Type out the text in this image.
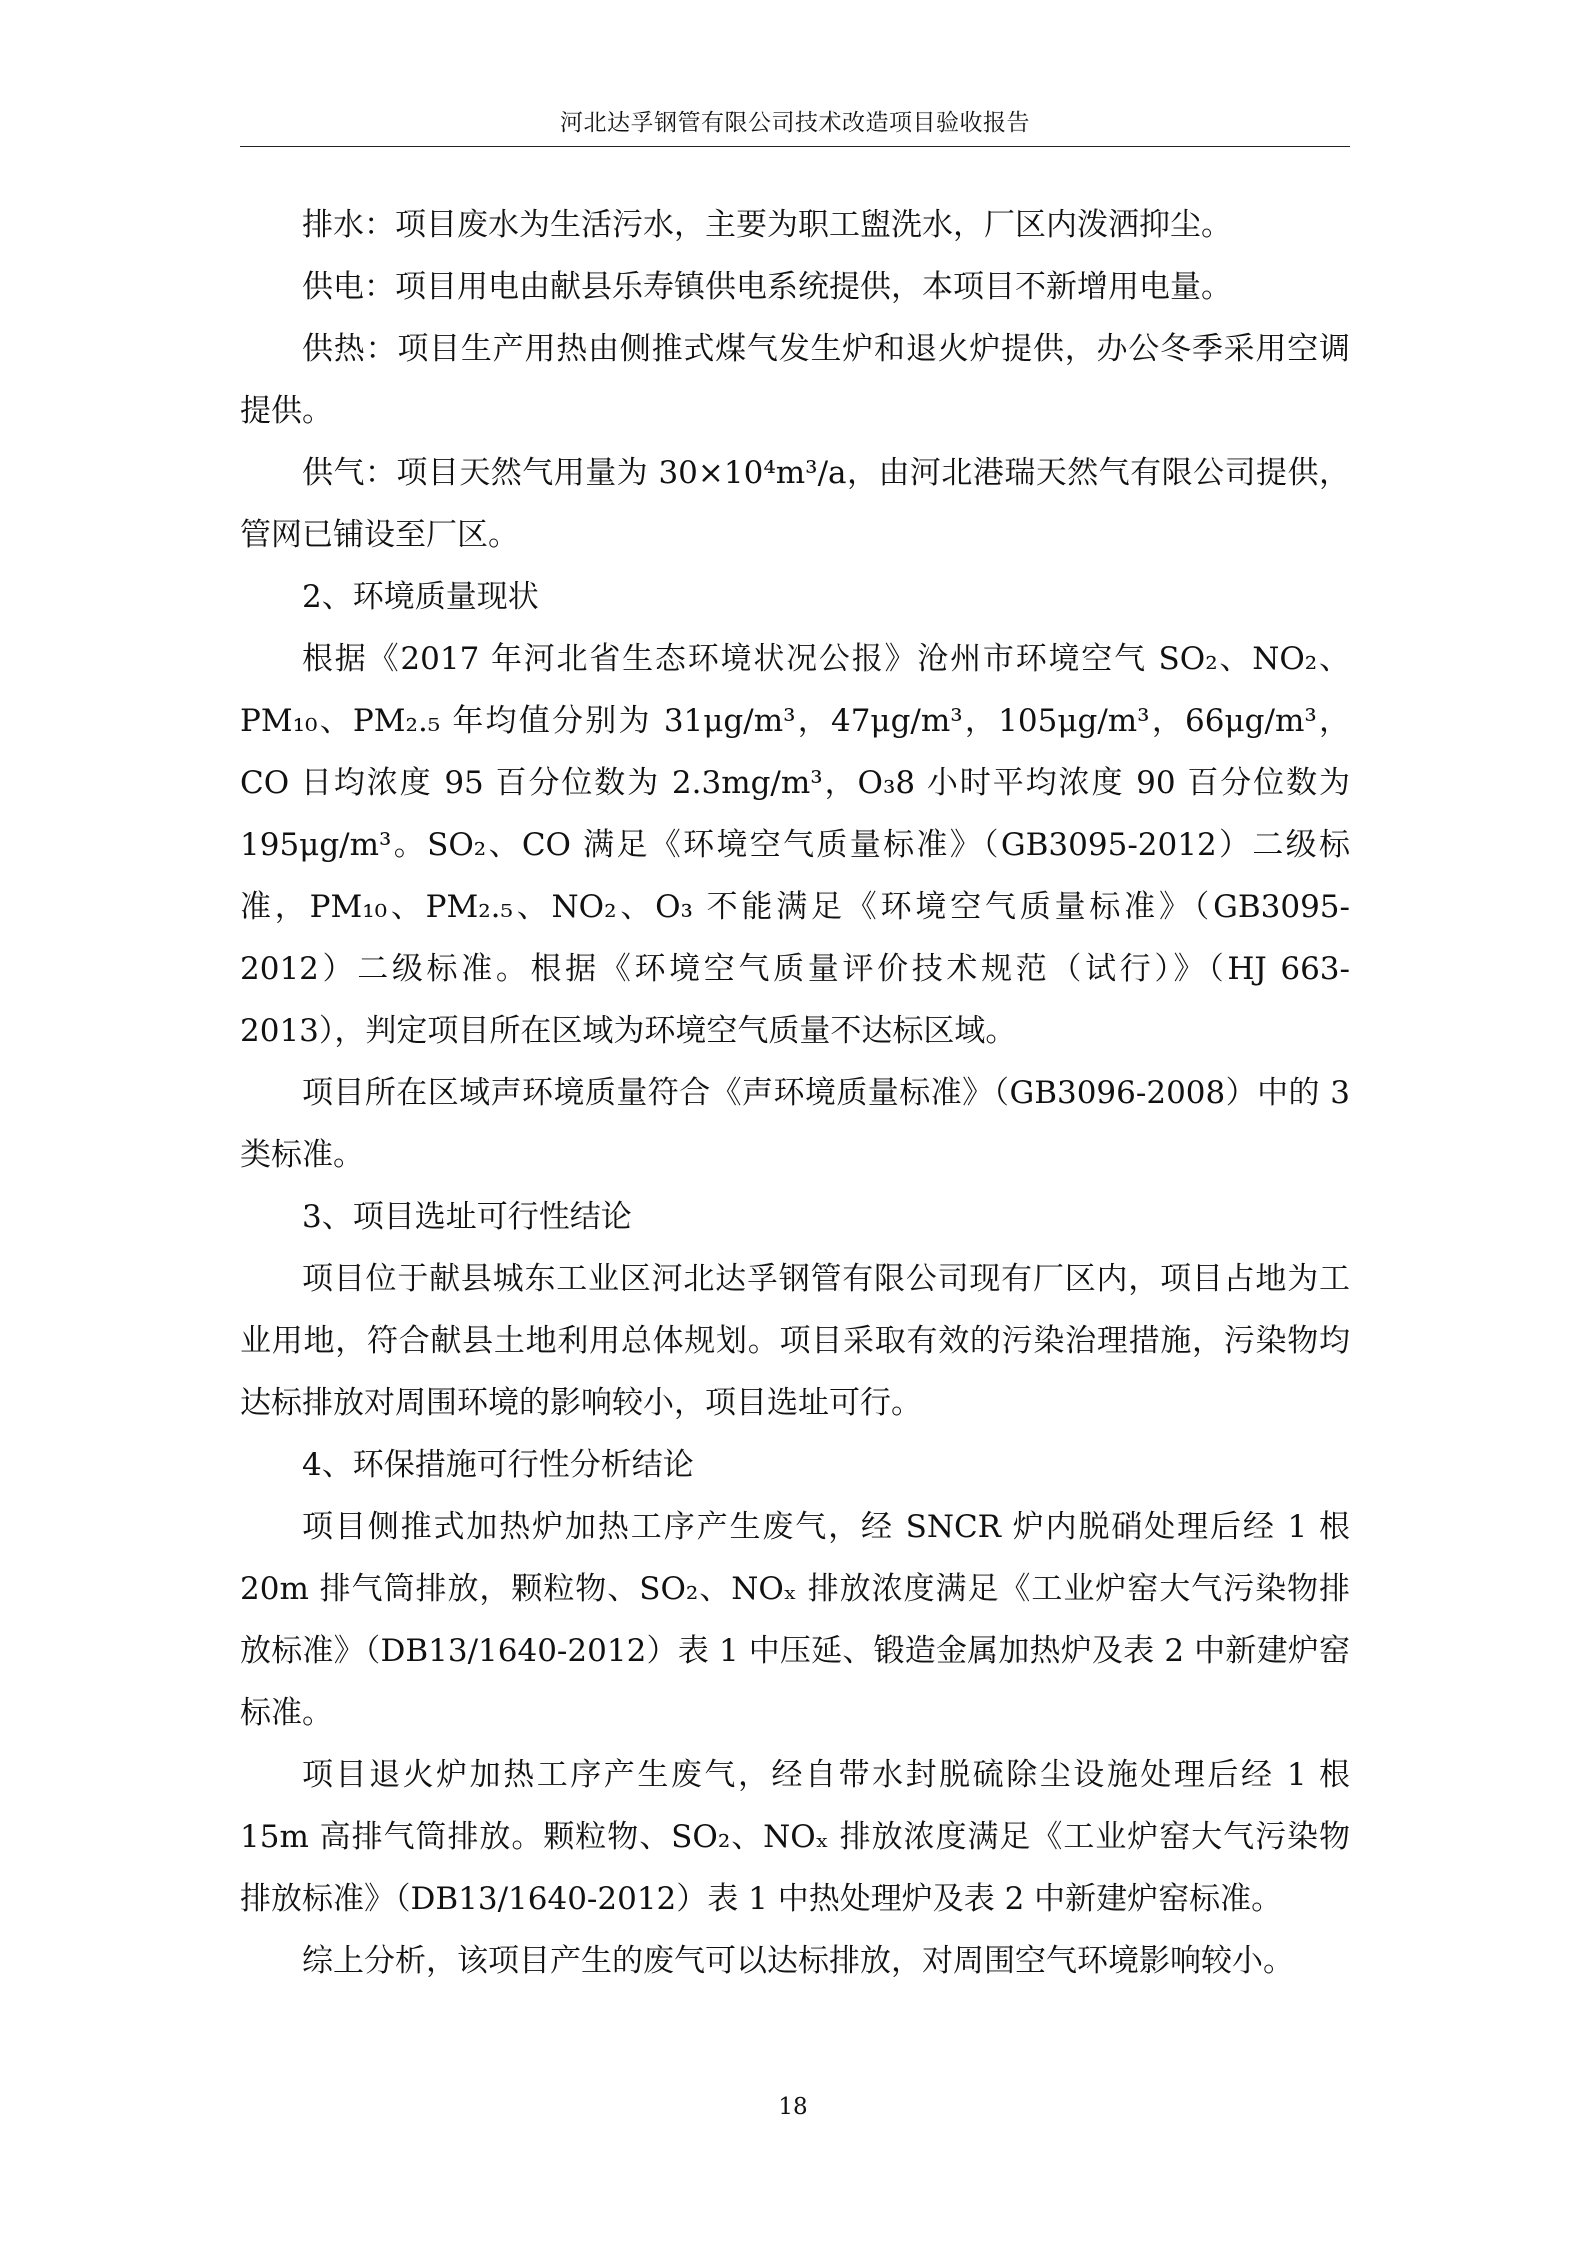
河北达孚钢管有限公司技术改造项目验收报告

排水：项目废水为生活污水，主要为职工盥洗水，厂区内泼洒抑尘。

供电：项目用电由献县乐寿镇供电系统提供，本项目不新增用电量。

供热：项目生产用热由侧推式煤气发生炉和退火炉提供，办公冬季采用空调提供。

供气：项目天然气用量为 30×10⁴m³/a，由河北港瑞天然气有限公司提供，管网已铺设至厂区。

2、环境质量现状

根据《2017 年河北省生态环境状况公报》沧州市环境空气 SO₂、NO₂、PM₁₀、PM₂.₅ 年均值分别为 31μg/m³，47μg/m³，105μg/m³，66μg/m³，CO 日均浓度 95 百分位数为 2.3mg/m³，O₃8 小时平均浓度 90 百分位数为 195μg/m³。SO₂、CO 满足《环境空气质量标准》（GB3095-2012）二级标准，PM₁₀、PM₂.₅、NO₂、O₃ 不能满足《环境空气质量标准》（GB3095-2012）二级标准。根据《环境空气质量评价技术规范（试行）》（HJ 663-2013），判定项目所在区域为环境空气质量不达标区域。

项目所在区域声环境质量符合《声环境质量标准》（GB3096-2008）中的 3 类标准。

3、项目选址可行性结论

项目位于献县城东工业区河北达孚钢管有限公司现有厂区内，项目占地为工业用地，符合献县土地利用总体规划。项目采取有效的污染治理措施，污染物均达标排放对周围环境的影响较小，项目选址可行。

4、环保措施可行性分析结论

项目侧推式加热炉加热工序产生废气，经 SNCR 炉内脱硝处理后经 1 根 20m 排气筒排放，颗粒物、SO₂、NOₓ 排放浓度满足《工业炉窑大气污染物排放标准》（DB13/1640-2012）表 1 中压延、锻造金属加热炉及表 2 中新建炉窑标准。

项目退火炉加热工序产生废气，经自带水封脱硫除尘设施处理后经 1 根 15m 高排气筒排放。颗粒物、SO₂、NOₓ 排放浓度满足《工业炉窑大气污染物排放标准》（DB13/1640-2012）表 1 中热处理炉及表 2 中新建炉窑标准。

综上分析，该项目产生的废气可以达标排放，对周围空气环境影响较小。

18
